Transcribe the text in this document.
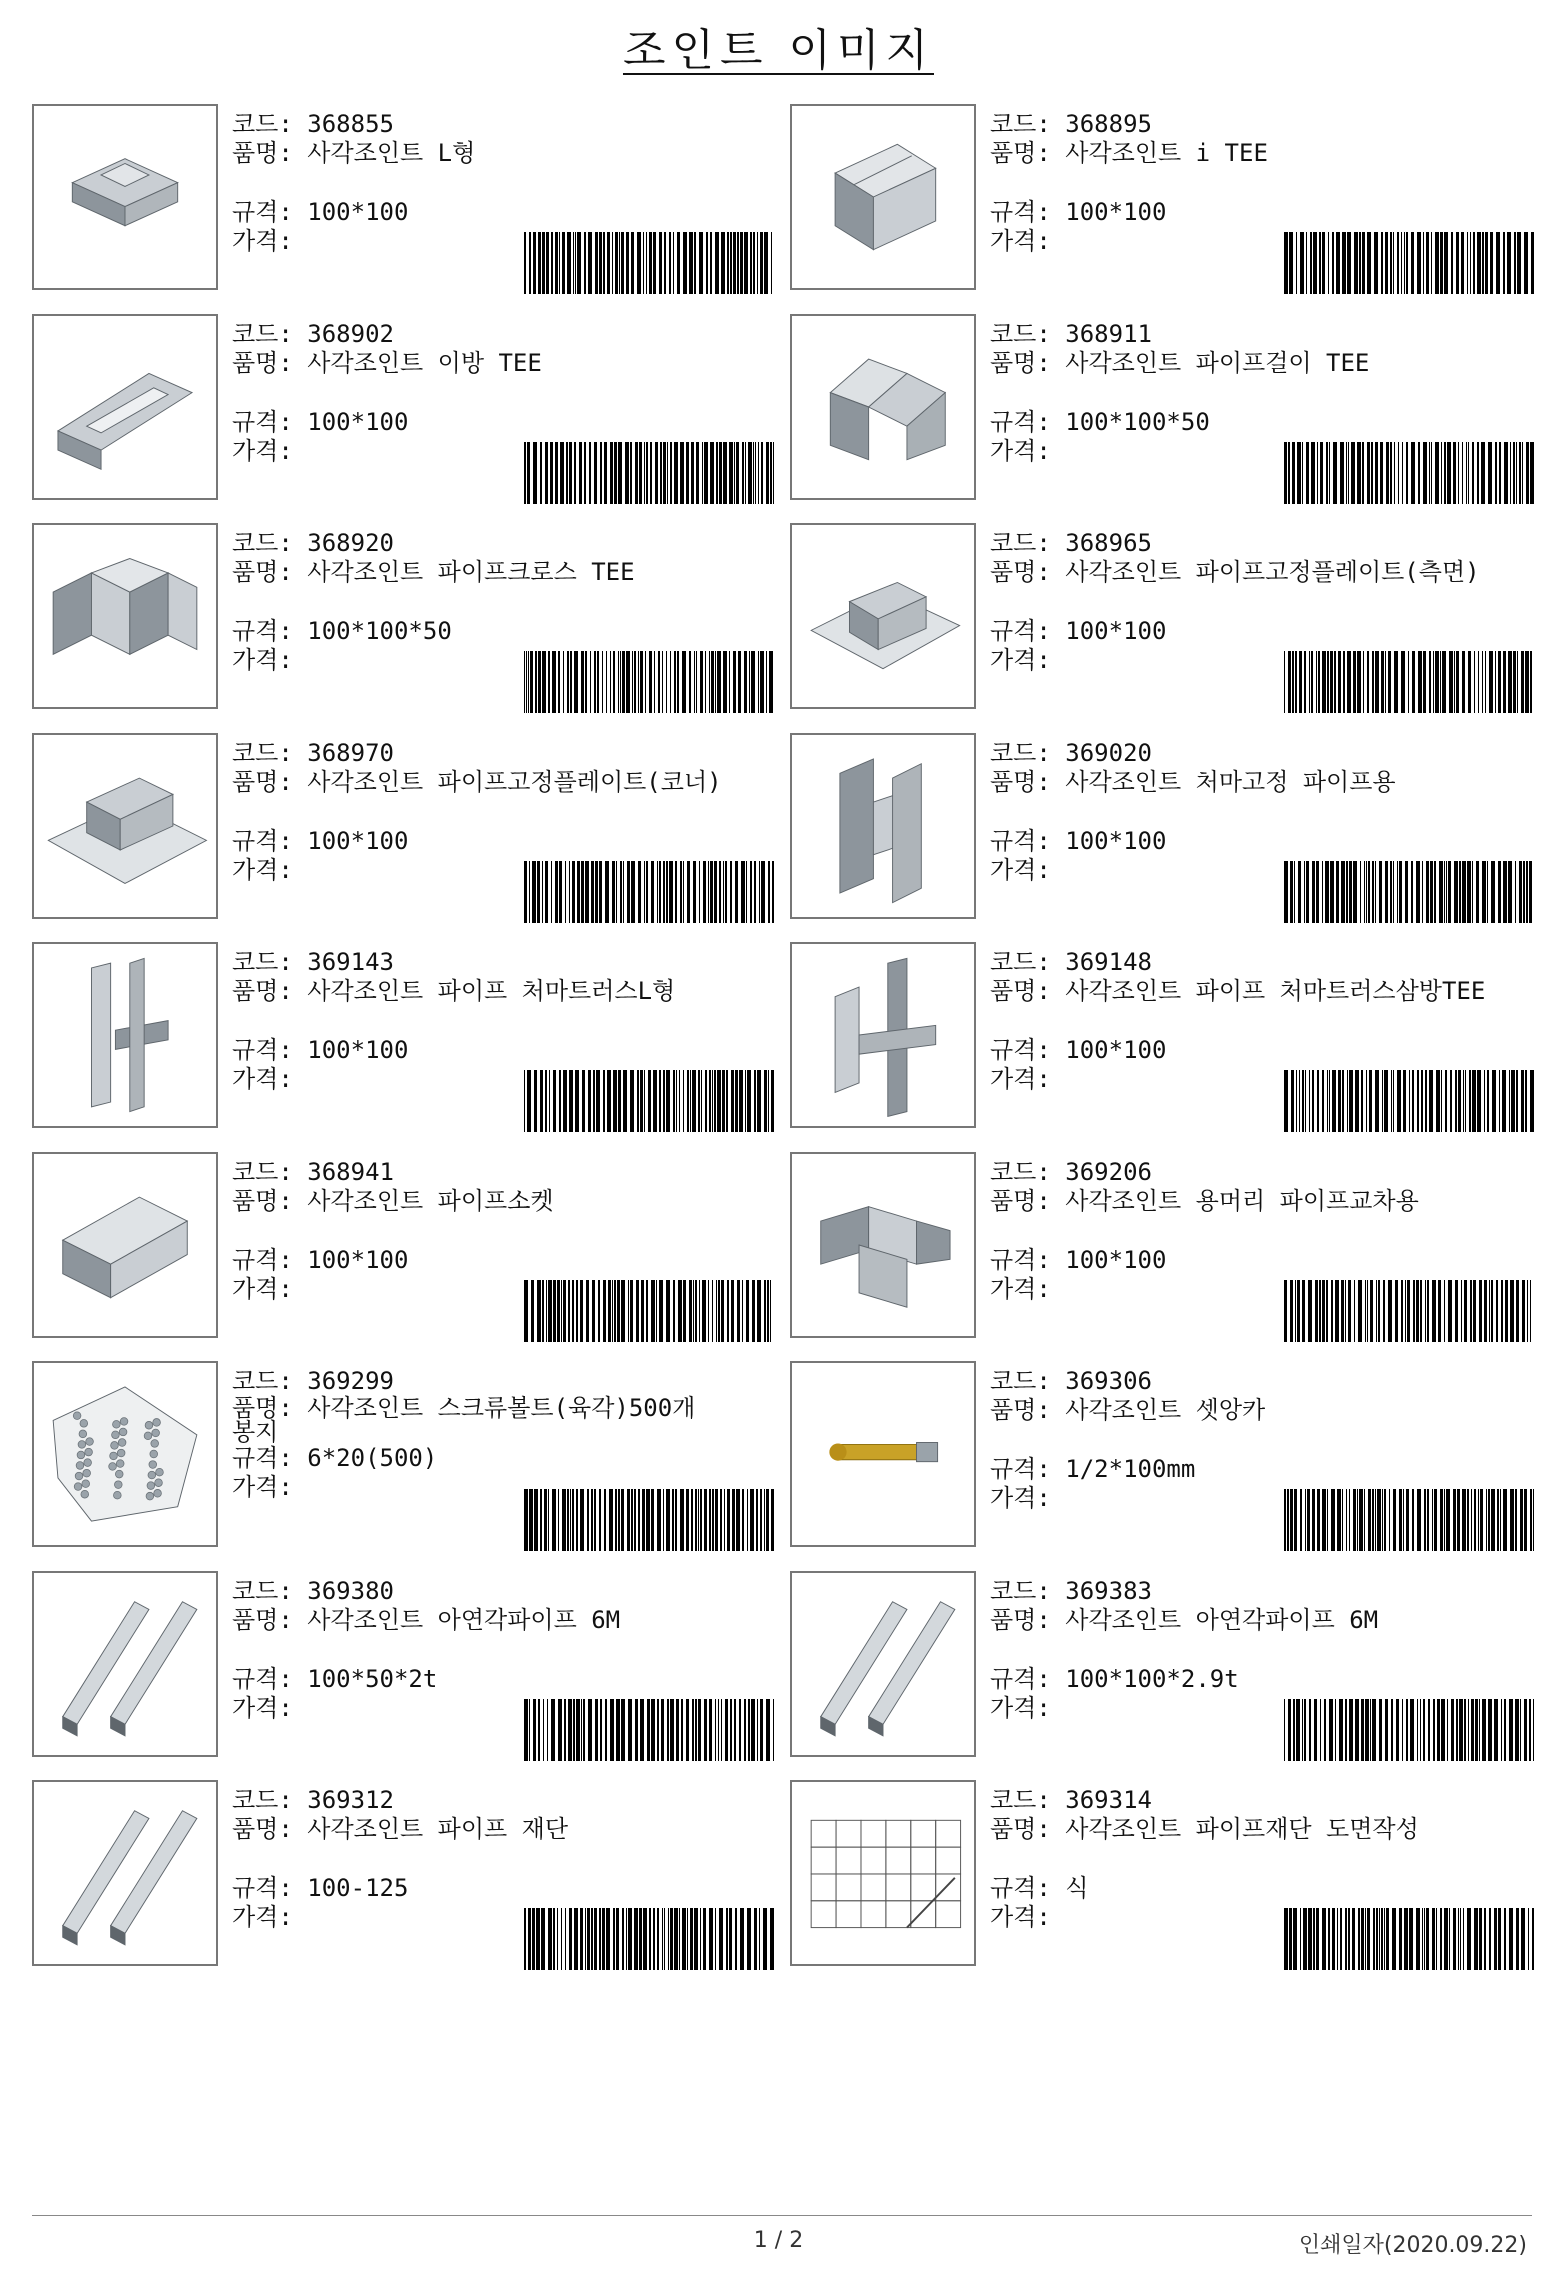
조인트 이미지
코드: 368855
품명: 사각조인트 L형
규격: 100*100
가격:
코드: 368895
품명: 사각조인트 i TEE
규격: 100*100
가격:
코드: 368902
품명: 사각조인트 이방 TEE
규격: 100*100
가격:
코드: 368911
품명: 사각조인트 파이프걸이 TEE
규격: 100*100*50
가격:
코드: 368920
품명: 사각조인트 파이프크로스 TEE
규격: 100*100*50
가격:
코드: 368965
품명: 사각조인트 파이프고정플레이트(측면)
규격: 100*100
가격:
코드: 368970
품명: 사각조인트 파이프고정플레이트(코너)
규격: 100*100
가격:
코드: 369020
품명: 사각조인트 처마고정 파이프용
규격: 100*100
가격:
코드: 369143
품명: 사각조인트 파이프 처마트러스L형
규격: 100*100
가격:
코드: 369148
품명: 사각조인트 파이프 처마트러스삼방TEE
규격: 100*100
가격:
코드: 368941
품명: 사각조인트 파이프소켓
규격: 100*100
가격:
코드: 369206
품명: 사각조인트 용머리 파이프교차용
규격: 100*100
가격:
코드: 369299
품명: 사각조인트 스크류볼트(육각)500개 봉지
규격: 6*20(500)
가격:
코드: 369306
품명: 사각조인트 셋앙카
규격: 1/2*100mm
가격:
코드: 369380
품명: 사각조인트 아연각파이프 6M
규격: 100*50*2t
가격:
코드: 369383
품명: 사각조인트 아연각파이프 6M
규격: 100*100*2.9t
가격:
코드: 369312
품명: 사각조인트 파이프 재단
규격: 100-125
가격:
코드: 369314
품명: 사각조인트 파이프재단 도면작성
규격: 식
가격:
1 / 2	인쇄일자(2020.09.22)
